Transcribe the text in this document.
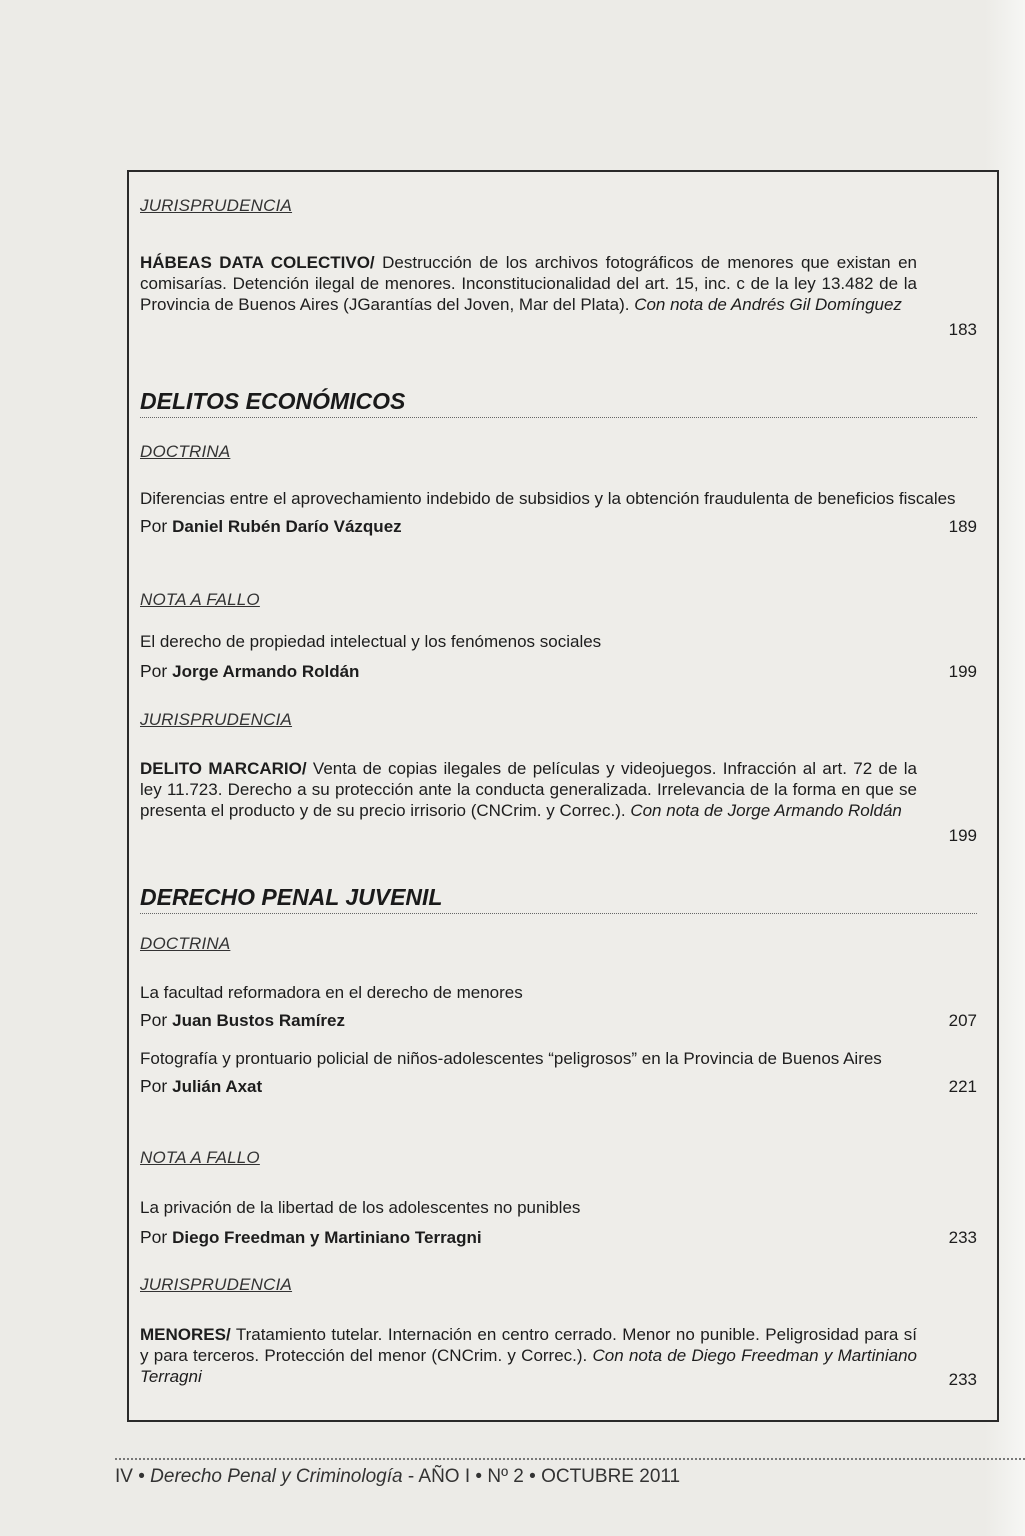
JURISPRUDENCIA
HÁBEAS DATA COLECTIVO/ Destrucción de los archivos fotográficos de menores que existan en comisarías. Detención ilegal de menores. Inconstitucionalidad del art. 15, inc. c de la ley 13.482 de la Provincia de Buenos Aires (JGarantías del Joven, Mar del Plata). Con nota de Andrés Gil Domínguez
183
DELITOS ECONÓMICOS
DOCTRINA
Diferencias entre el aprovechamiento indebido de subsidios y la obtención fraudulenta de beneficios fiscales
Por Daniel Rubén Darío Vázquez	189
NOTA A FALLO
El derecho de propiedad intelectual y los fenómenos sociales
Por Jorge Armando Roldán	199
JURISPRUDENCIA
DELITO MARCARIO/ Venta de copias ilegales de películas y videojuegos. Infracción al art. 72 de la ley 11.723. Derecho a su protección ante la conducta generalizada. Irrelevancia de la forma en que se presenta el producto y de su precio irrisorio (CNCrim. y Correc.). Con nota de Jorge Armando Roldán
199
DERECHO PENAL JUVENIL
DOCTRINA
La facultad reformadora en el derecho de menores
Por Juan Bustos Ramírez	207
Fotografía y prontuario policial de niños-adolescentes “peligrosos” en la Provincia de Buenos Aires
Por Julián Axat	221
NOTA A FALLO
La privación de la libertad de los adolescentes no punibles
Por Diego Freedman y Martiniano Terragni	233
JURISPRUDENCIA
MENORES/ Tratamiento tutelar. Internación en centro cerrado. Menor no punible. Peligrosidad para sí y para terceros. Protección del menor (CNCrim. y Correc.). Con nota de Diego Freedman y Martiniano Terragni	233
IV • Derecho Penal y Criminología - AÑO I • Nº 2 • OCTUBRE 2011
